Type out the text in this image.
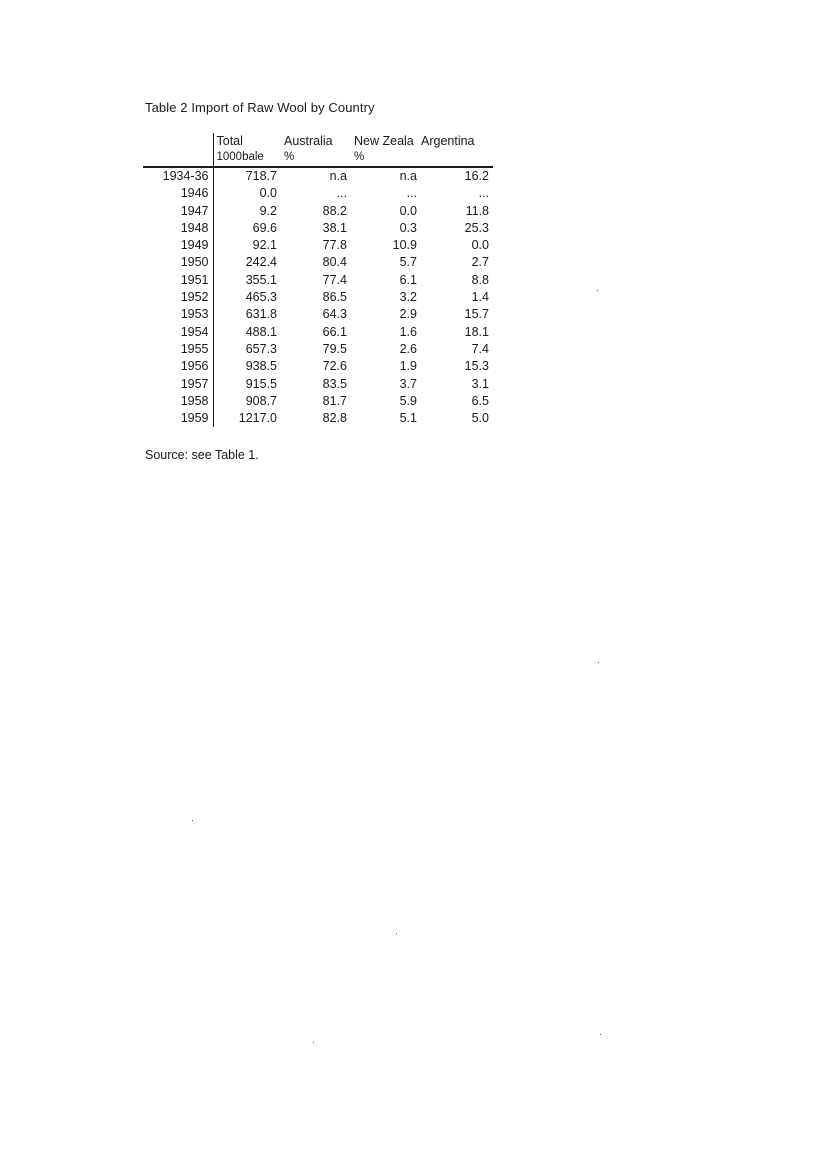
Table 2 Import of Raw Wool by Country
	Total	Australia	New Zeala	Argentina
	1000bale	%	%	
1934-36	718.7	n.a	n.a	16.2
1946	0.0	...	...	...
1947	9.2	88.2	0.0	11.8
1948	69.6	38.1	0.3	25.3
1949	92.1	77.8	10.9	0.0
1950	242.4	80.4	5.7	2.7
1951	355.1	77.4	6.1	8.8
1952	465.3	86.5	3.2	1.4
1953	631.8	64.3	2.9	15.7
1954	488.1	66.1	1.6	18.1
1955	657.3	79.5	2.6	7.4
1956	938.5	72.6	1.9	15.3
1957	915.5	83.5	3.7	3.1
1958	908.7	81.7	5.9	6.5
1959	1217.0	82.8	5.1	5.0
Source: see Table 1.
